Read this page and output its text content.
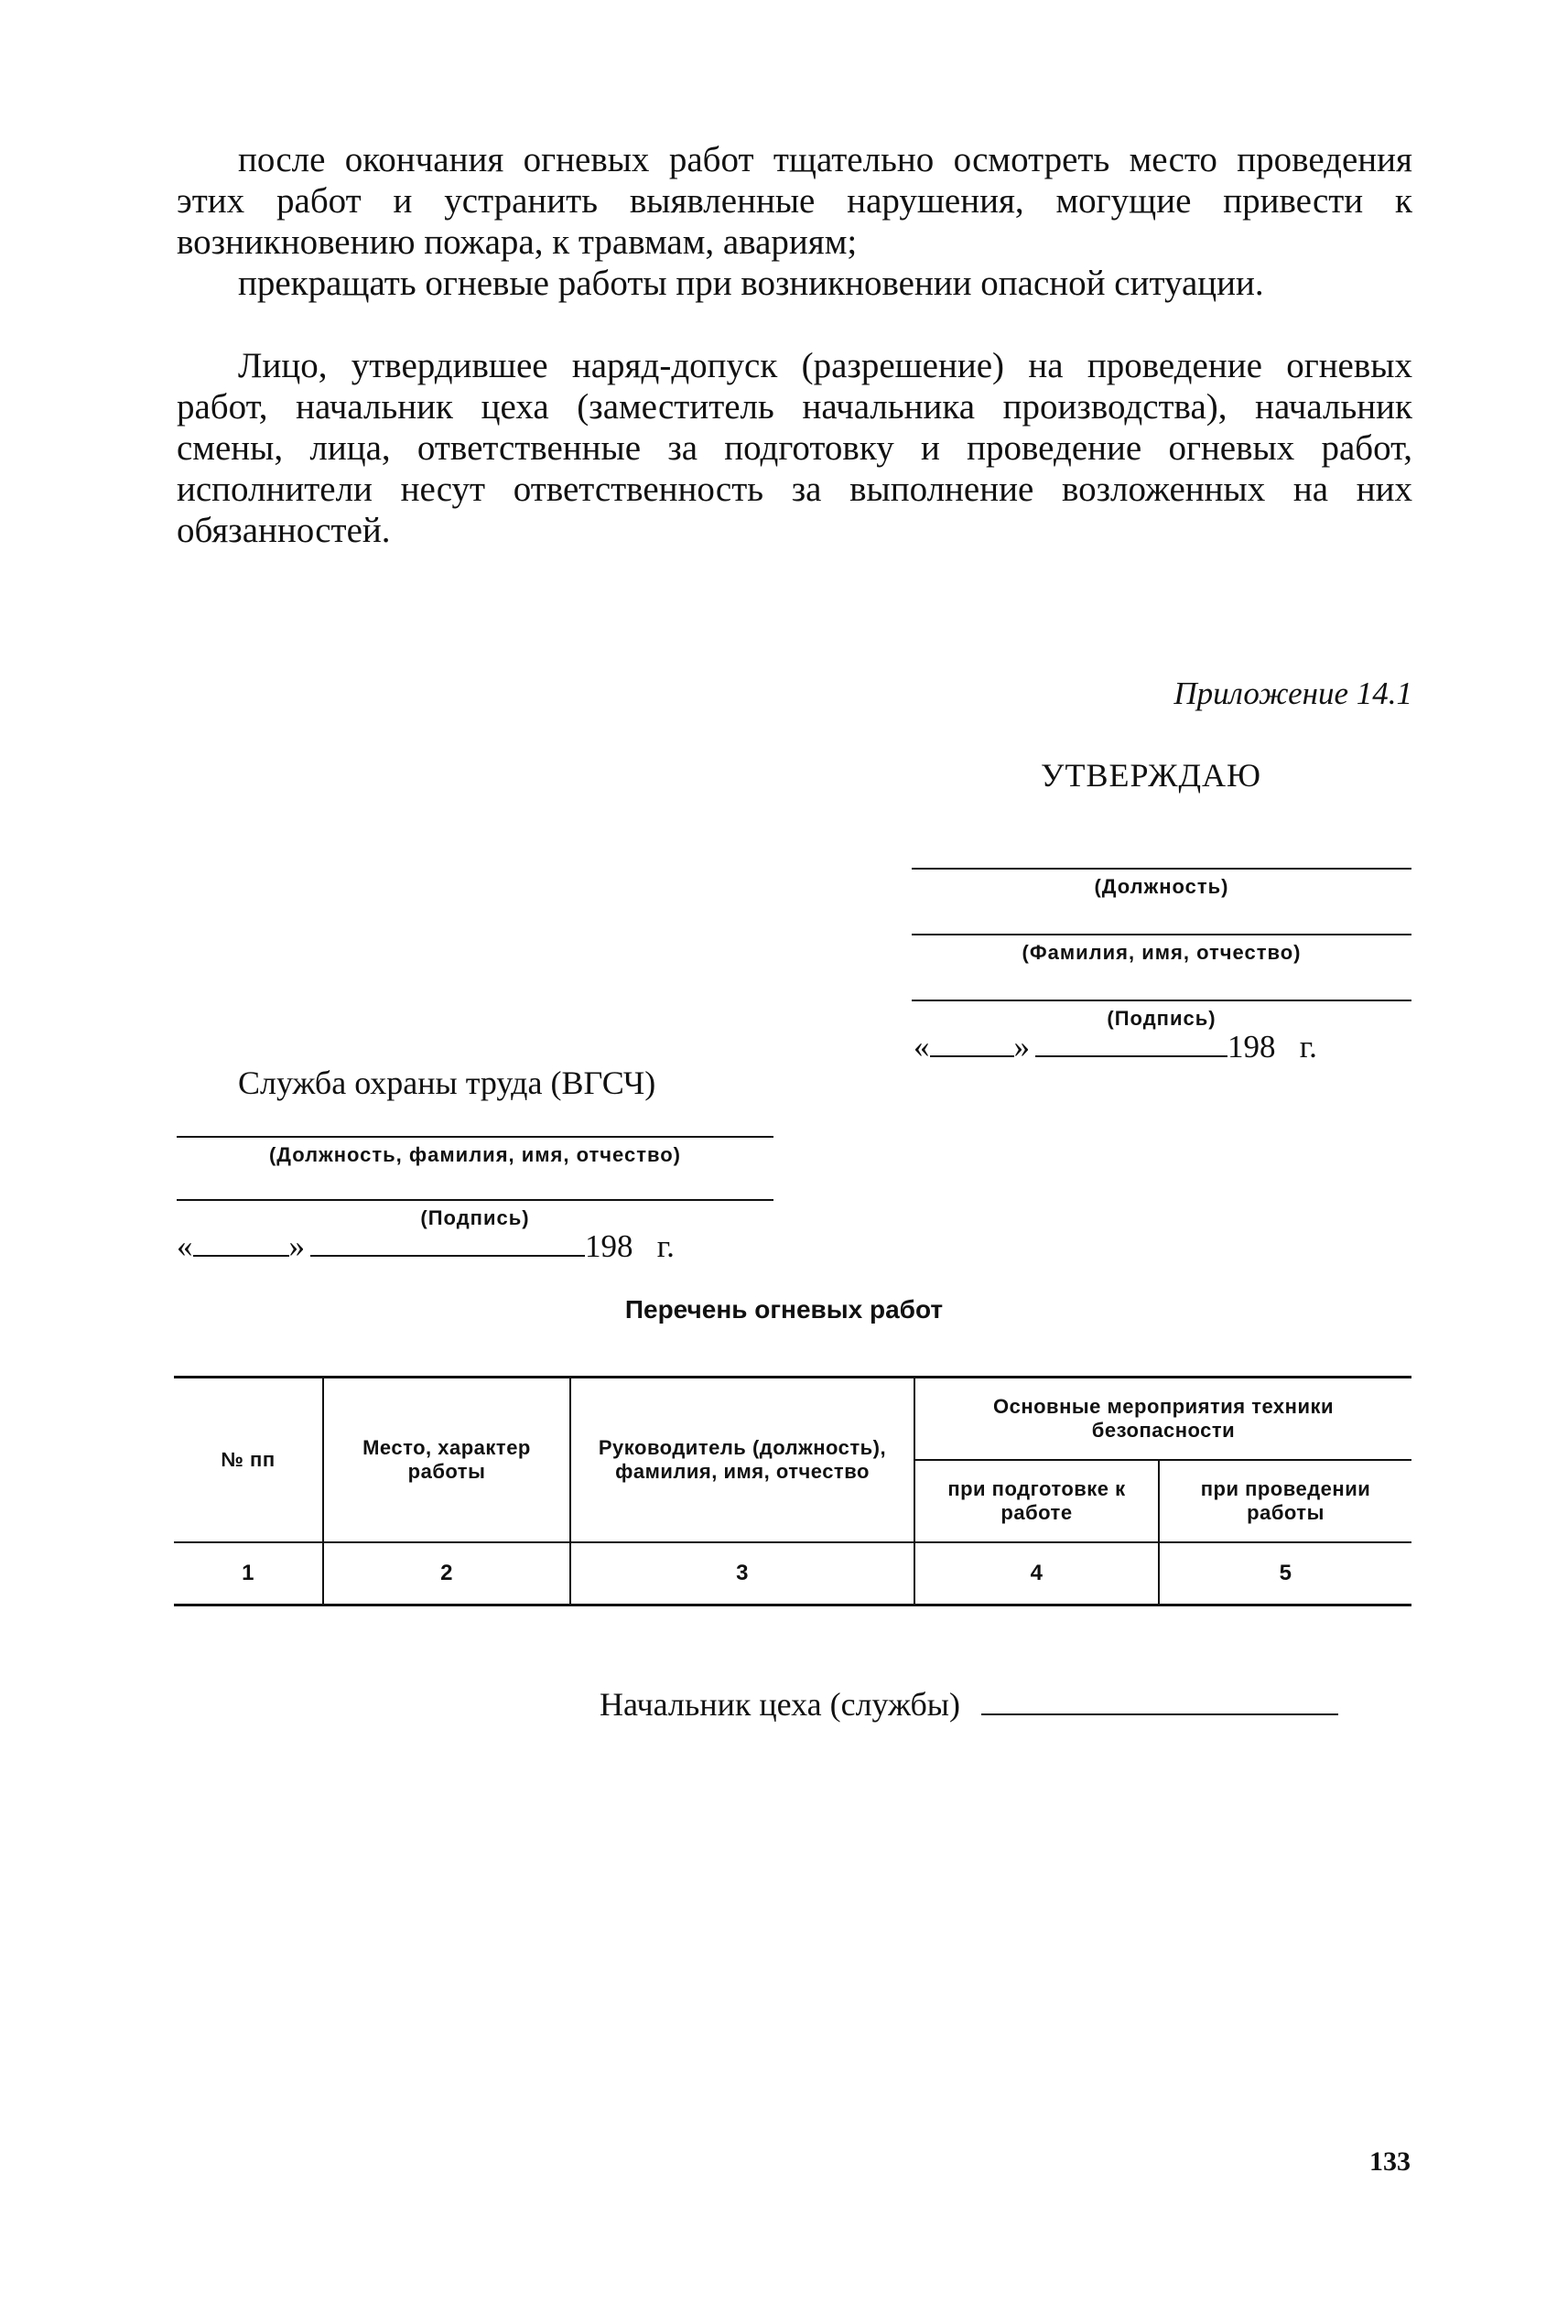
после окончания огневых работ тщательно осмотреть место проведения этих работ и устранить выявленные нарушения, могущие привести к возникновению пожара, к травмам, авариям;

прекращать огневые работы при возникновении опасной ситуации.

Лицо, утвердившее наряд-допуск (разрешение) на проведение огневых работ, начальник цеха (заместитель начальника производства), начальник смены, лица, ответственные за подготовку и проведение огневых работ, исполнители несут ответственность за выполнение возложенных на них обязанностей.

Приложение 14.1
УТВЕРЖДАЮ
(Должность)
(Фамилия, имя, отчество)
(Подпись)
«	»	198 г.
Служба охраны труда (ВГСЧ)
(Должность, фамилия, имя, отчество)
(Подпись)
«	»	198 г.
Перечень огневых работ
№ пп	Место, характер работы	Руководитель (должность), фамилия, имя, отчество	Основные мероприятия техники безопасности	
			при подготовке к работе	при проведении работы
1	2	3	4	5
Начальник цеха (службы)
133
